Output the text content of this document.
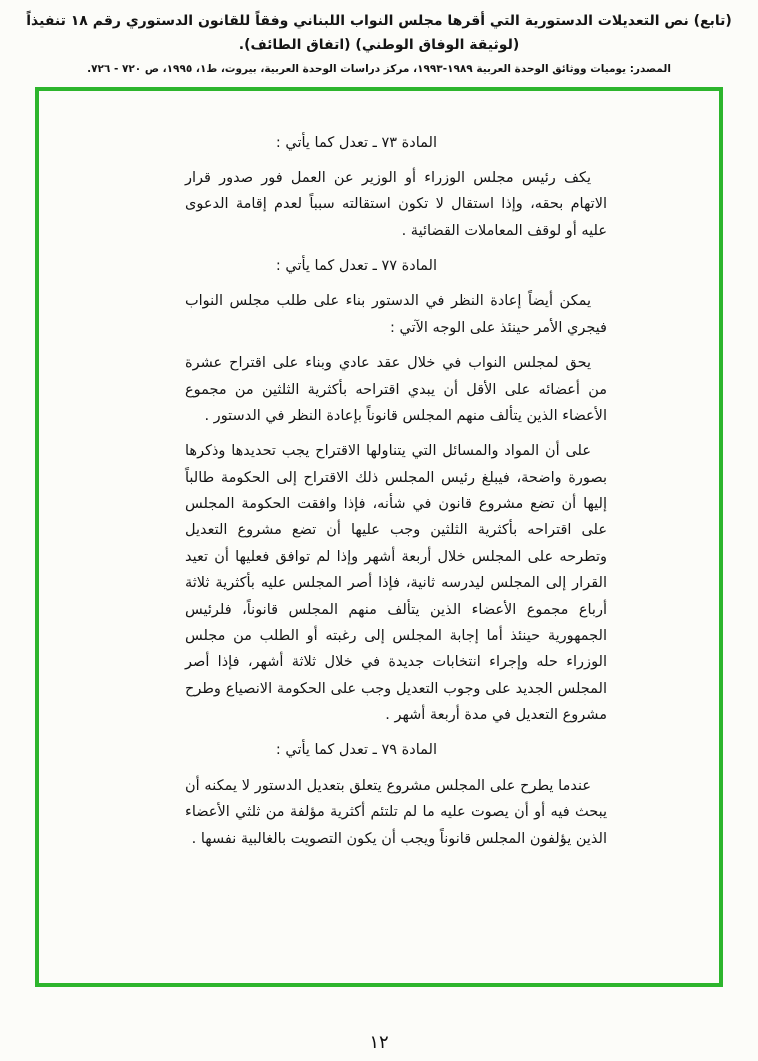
(تابع) نص التعديلات الدستورية التي أقرها مجلس النواب اللبناني وفقاً للقانون الدستوري رقم ١٨ تنفيذاً (لوثيقة الوفاق الوطني) (اتفاق الطائف).
المصدر: يوميات ووثائق الوحدة العربية ١٩٨٩-١٩٩٣، مركز دراسات الوحدة العربية، بيروت، ط١، ١٩٩٥، ص ٧٢٠ - ٧٢٦.

المادة ٧٣ ـ تعدل كما يأتي :

يكف رئيس مجلس الوزراء أو الوزير عن العمل فور صدور قرار الاتهام بحقه، وإذا استقال لا تكون استقالته سبباً لعدم إقامة الدعوى عليه أو لوقف المعاملات القضائية .

المادة ٧٧ ـ تعدل كما يأتي :

يمكن أيضاً إعادة النظر في الدستور بناء على طلب مجلس النواب فيجري الأمر حينئذ على الوجه الآتي :

يحق لمجلس النواب في خلال عقد عادي وبناء على اقتراح عشرة من أعضائه على الأقل أن يبدي اقتراحه بأكثرية الثلثين من مجموع الأعضاء الذين يتألف منهم المجلس قانوناً بإعادة النظر في الدستور .

على أن المواد والمسائل التي يتناولها الاقتراح يجب تحديدها وذكرها بصورة واضحة، فيبلغ رئيس المجلس ذلك الاقتراح إلى الحكومة طالباً إليها أن تضع مشروع قانون في شأنه، فإذا وافقت الحكومة المجلس على اقتراحه بأكثرية الثلثين وجب عليها أن تضع مشروع التعديل وتطرحه على المجلس خلال أربعة أشهر وإذا لم توافق فعليها أن تعيد القرار إلى المجلس ليدرسه ثانية، فإذا أصر المجلس عليه بأكثرية ثلاثة أرباع مجموع الأعضاء الذين يتألف منهم المجلس قانوناً، فلرئيس الجمهورية حينئذ أما إجابة المجلس إلى رغبته أو الطلب من مجلس الوزراء حله وإجراء انتخابات جديدة في خلال ثلاثة أشهر، فإذا أصر المجلس الجديد على وجوب التعديل وجب على الحكومة الانصياع وطرح مشروع التعديل في مدة أربعة أشهر .

المادة ٧٩ ـ تعدل كما يأتي :

عندما يطرح على المجلس مشروع يتعلق بتعديل الدستور لا يمكنه أن يبحث فيه أو أن يصوت عليه ما لم تلتئم أكثرية مؤلفة من ثلثي الأعضاء الذين يؤلفون المجلس قانوناً ويجب أن يكون التصويت بالغالبية نفسها .

١٢
